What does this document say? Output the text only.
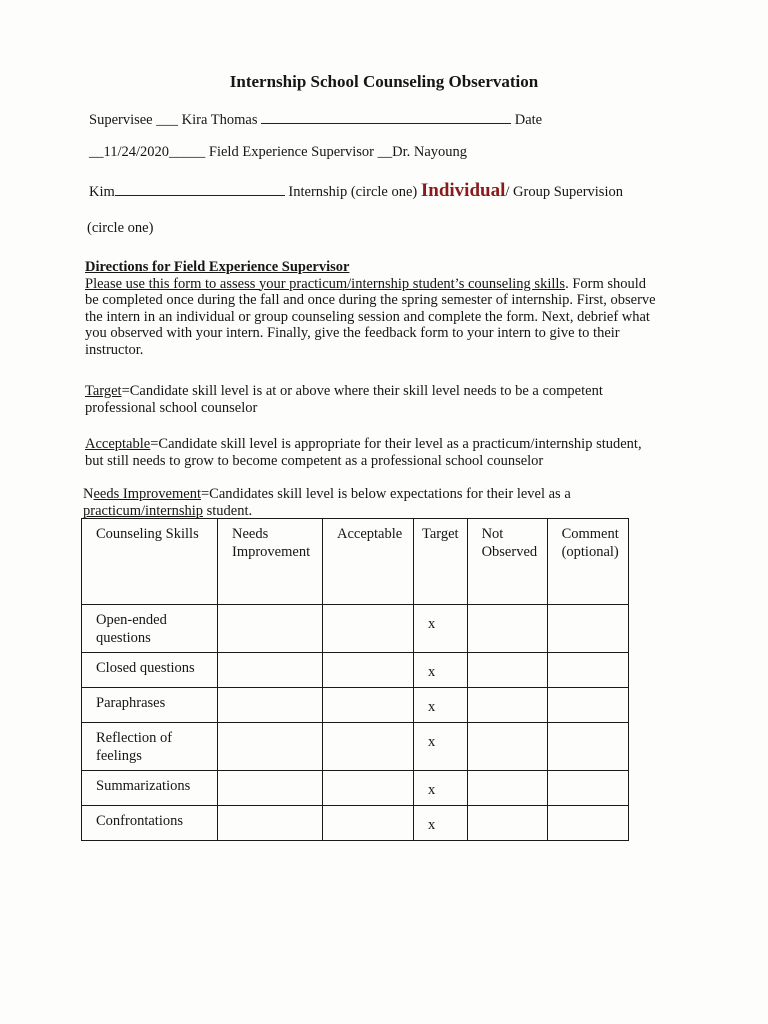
Internship School Counseling Observation
Supervisee ___ Kira Thomas	Date
__11/24/2020_____ Field Experience Supervisor __Dr. Nayoung
Kim	Internship (circle one) Individual/ Group Supervision
(circle one)
Directions for Field Experience Supervisor
Please use this form to assess your practicum/internship student’s counseling skills. Form should
be completed once during the fall and once during the spring semester of internship. First, observe
the intern in an individual or group counseling session and complete the form. Next, debrief what
you observed with your intern. Finally, give the feedback form to your intern to give to their
instructor.
Target=Candidate skill level is at or above where their skill level needs to be a competent
professional school counselor
Acceptable=Candidate skill level is appropriate for their level as a practicum/internship student,
but still needs to grow to become competent as a professional school counselor
Needs Improvement=Candidates skill level is below expectations for their level as a
practicum/internship student.
Counseling Skills	Needs Improvement	Acceptable	Target	Not Observed	Comment (optional)
Open-ended questions			x		
Closed questions			x		
Paraphrases			x		
Reflection of feelings			x		
Summarizations			x		
Confrontations			x		
